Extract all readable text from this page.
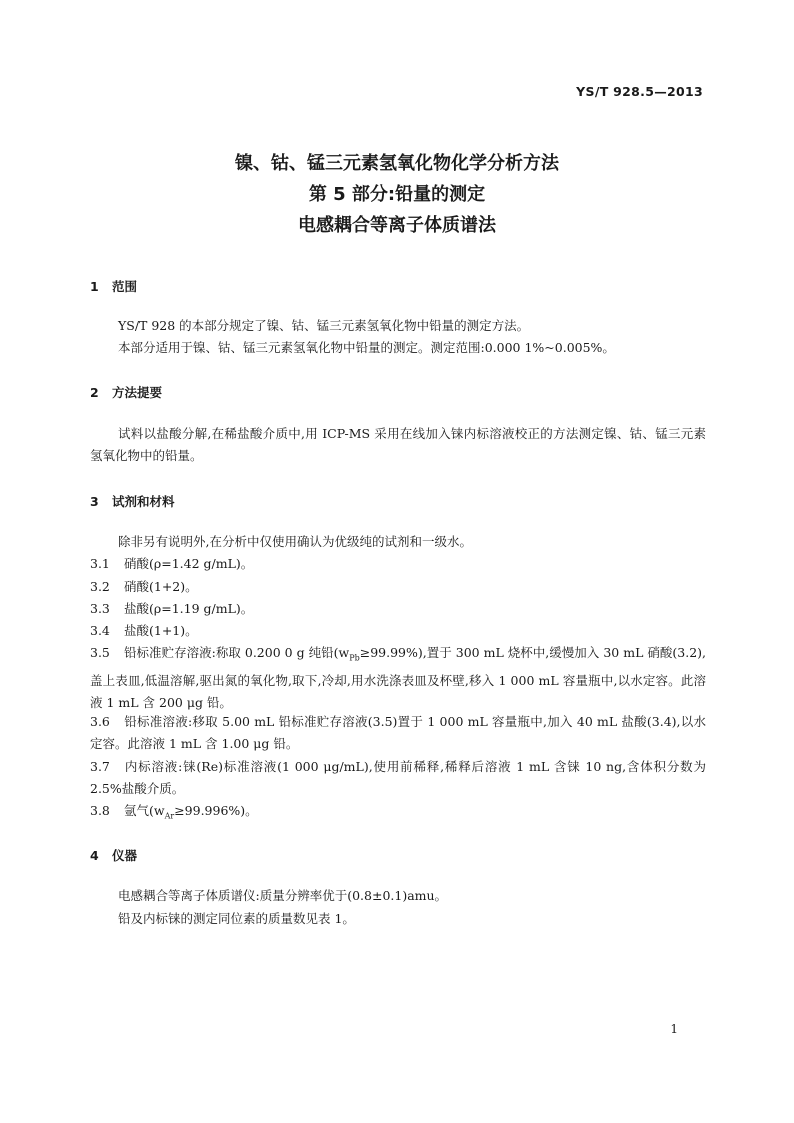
YS/T 928.5—2013
镍、钴、锰三元素氢氧化物化学分析方法
第 5 部分:铅量的测定
电感耦合等离子体质谱法
1 范围
YS/T 928 的本部分规定了镍、钴、锰三元素氢氧化物中铅量的测定方法。
本部分适用于镍、钴、锰三元素氢氧化物中铅量的测定。测定范围:0.000 1%~0.005%。
2 方法提要
试料以盐酸分解,在稀盐酸介质中,用 ICP-MS 采用在线加入铼内标溶液校正的方法测定镍、钴、锰三元素氢氧化物中的铅量。
3 试剂和材料
除非另有说明外,在分析中仅使用确认为优级纯的试剂和一级水。
3.1 硝酸(ρ=1.42 g/mL)。
3.2 硝酸(1+2)。
3.3 盐酸(ρ=1.19 g/mL)。
3.4 盐酸(1+1)。
3.5 铅标准贮存溶液:称取 0.200 0 g 纯铅$(w_{Pb}\ge 99.99\%)$,置于 300 mL 烧杯中,缓慢加入 30 mL 硝酸(3.2),盖上表皿,低温溶解,驱出氮的氧化物,取下,冷却,用水洗涤表皿及杯壁,移入 1 000 mL 容量瓶中,以水定容。此溶液 1 mL 含 200 μg 铅。
3.6 铅标准溶液:移取 5.00 mL 铅标准贮存溶液(3.5)置于 1 000 mL 容量瓶中,加入 40 mL 盐酸(3.4),以水定容。此溶液 1 mL 含 1.00 μg 铅。
3.7 内标溶液:铼(Re)标准溶液(1 000 μg/mL),使用前稀释,稀释后溶液 1 mL 含铼 10 ng,含体积分数为 2.5%盐酸介质。
3.8 氩气$(w_{Ar}\ge 99.996\%)$。
4 仪器
电感耦合等离子体质谱仪:质量分辨率优于(0.8±0.1)amu。
铅及内标铼的测定同位素的质量数见表 1。
1
